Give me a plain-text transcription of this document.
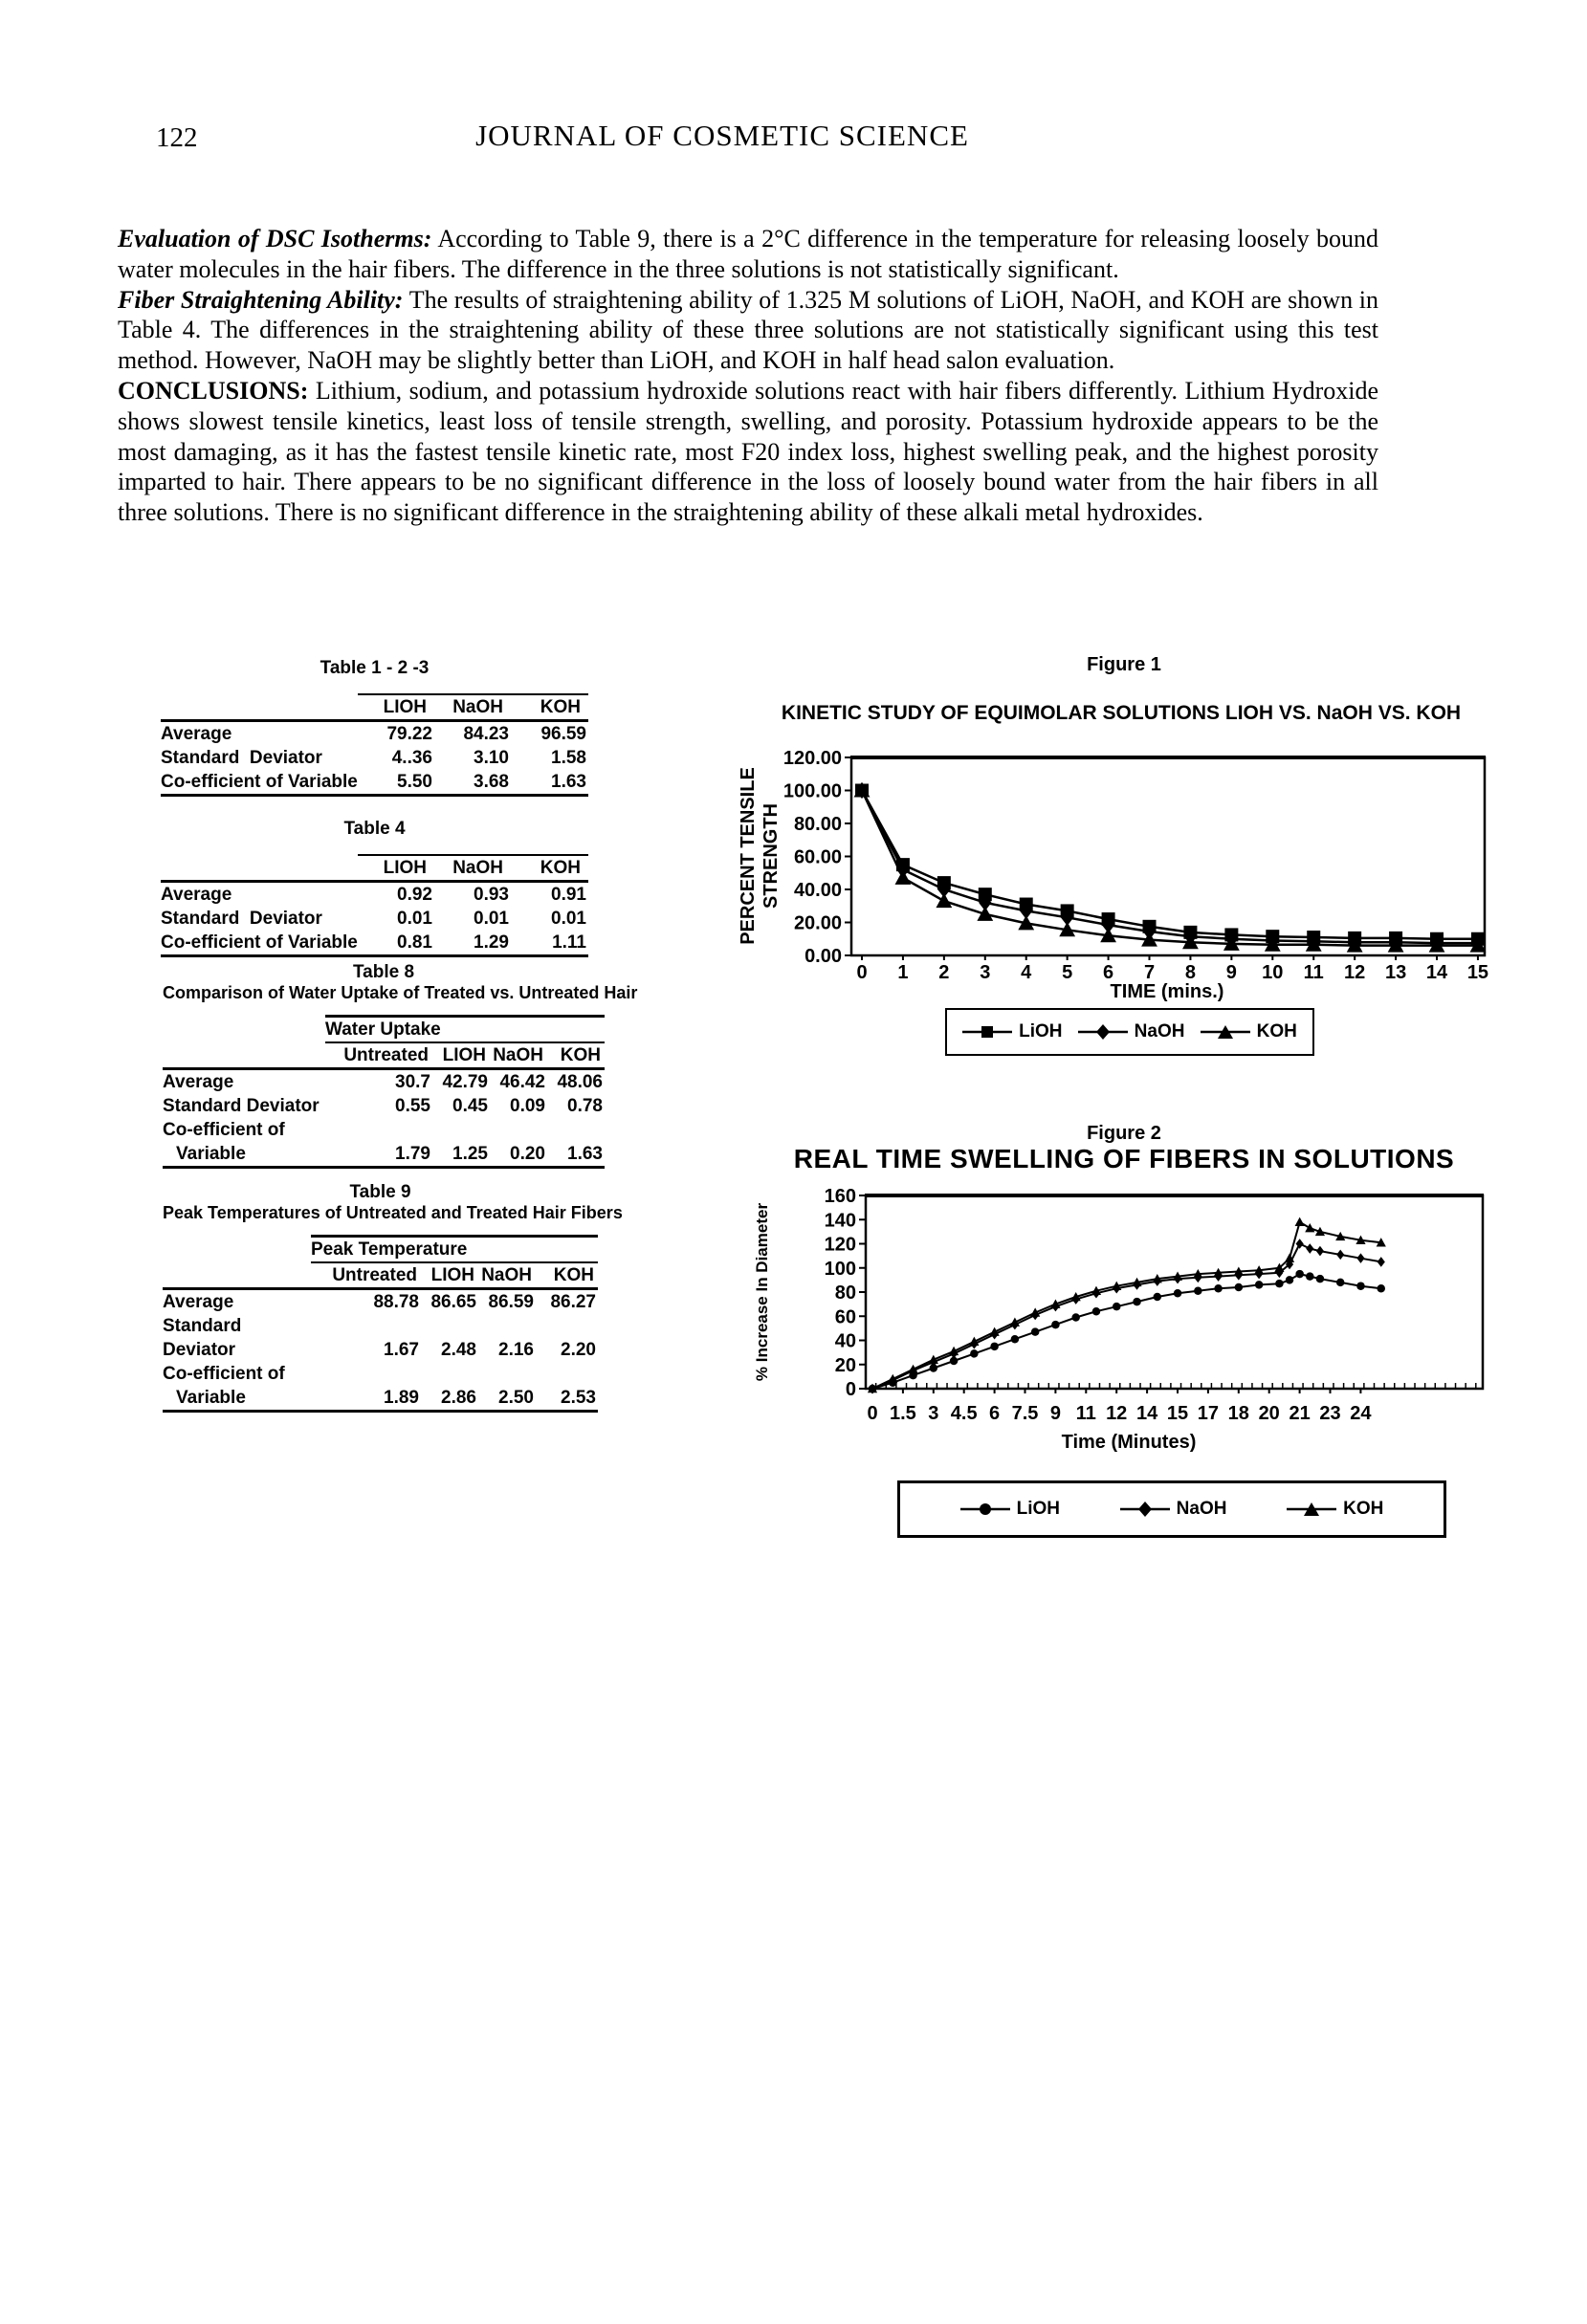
122	JOURNAL OF COSMETIC SCIENCE

Evaluation of DSC Isotherms: According to Table 9, there is a 2°C difference in the temperature for releasing loosely bound water molecules in the hair fibers. The difference in the three solutions is not statistically significant.

Fiber Straightening Ability: The results of straightening ability of 1.325 M solutions of LiOH, NaOH, and KOH are shown in Table 4. The differences in the straightening ability of these three solutions are not statistically significant using this test method. However, NaOH may be slightly better than LiOH, and KOH in half head salon evaluation.

CONCLUSIONS: Lithium, sodium, and potassium hydroxide solutions react with hair fibers differently. Lithium Hydroxide shows slowest tensile kinetics, least loss of tensile strength, swelling, and porosity. Potassium hydroxide appears to be the most damaging, as it has the fastest tensile kinetic rate, most F20 index loss, highest swelling peak, and the highest porosity imparted to hair. There appears to be no significant difference in the loss of loosely bound water from the hair fibers in all three solutions. There is no significant difference in the straightening ability of these alkali metal hydroxides.

Table 1 - 2 -3
LIOH	NaOH	KOH
Average	79.22	84.23	96.59
Standard  Deviator	4..36	3.10	1.58
Co-efficient of Variable	5.50	3.68	1.63
Table 4
LIOH	NaOH	KOH
Average	0.92	0.93	0.91
Standard  Deviator	0.01	0.01	0.01
Co-efficient of Variable	0.81	1.29	1.11
Table 8
Comparison of Water Uptake of Treated vs. Untreated Hair
Water Uptake
Untreated LIOH NaOH KOH
Average	30.7 42.79 46.42 48.06
Standard Deviator	0.55	0.45	0.09	0.78
Co-efficient of
Variable	1.79	1.25	0.20	1.63
Table 9
Peak Temperatures of Untreated and Treated Hair Fibers
Peak Temperature
Untreated LIOH NaOH	KOH
Average	88.78 86.65 86.59 86.27
Standard
Deviator	1.67	2.48	2.16	2.20
Co-efficient of
Variable	1.89	2.86	2.50	2.53
Figure 1
0.00
20.00
40.00
60.00
80.00
100.00
120.00
0 1 2 3 4 5 6 7 8 9 10 11 12 13 14 15
KINETIC STUDY OF EQUIMOLAR SOLUTIONS LIOH VS. NaOH VS. KOH
TIME (mins.)
PERCENT TENSILE STRENGTH
LiOH	NaOH	KOH
Figure 2
REAL TIME SWELLING OF FIBERS IN SOLUTIONS
0
20
40
60
80
100
120
140
160
0 1.5 3 4.5 6 7.5 9 11 12 14 15 17 18 20 21 23 24
Time (Minutes)
% Increase In Diameter
LiOH	NaOH	KOH
